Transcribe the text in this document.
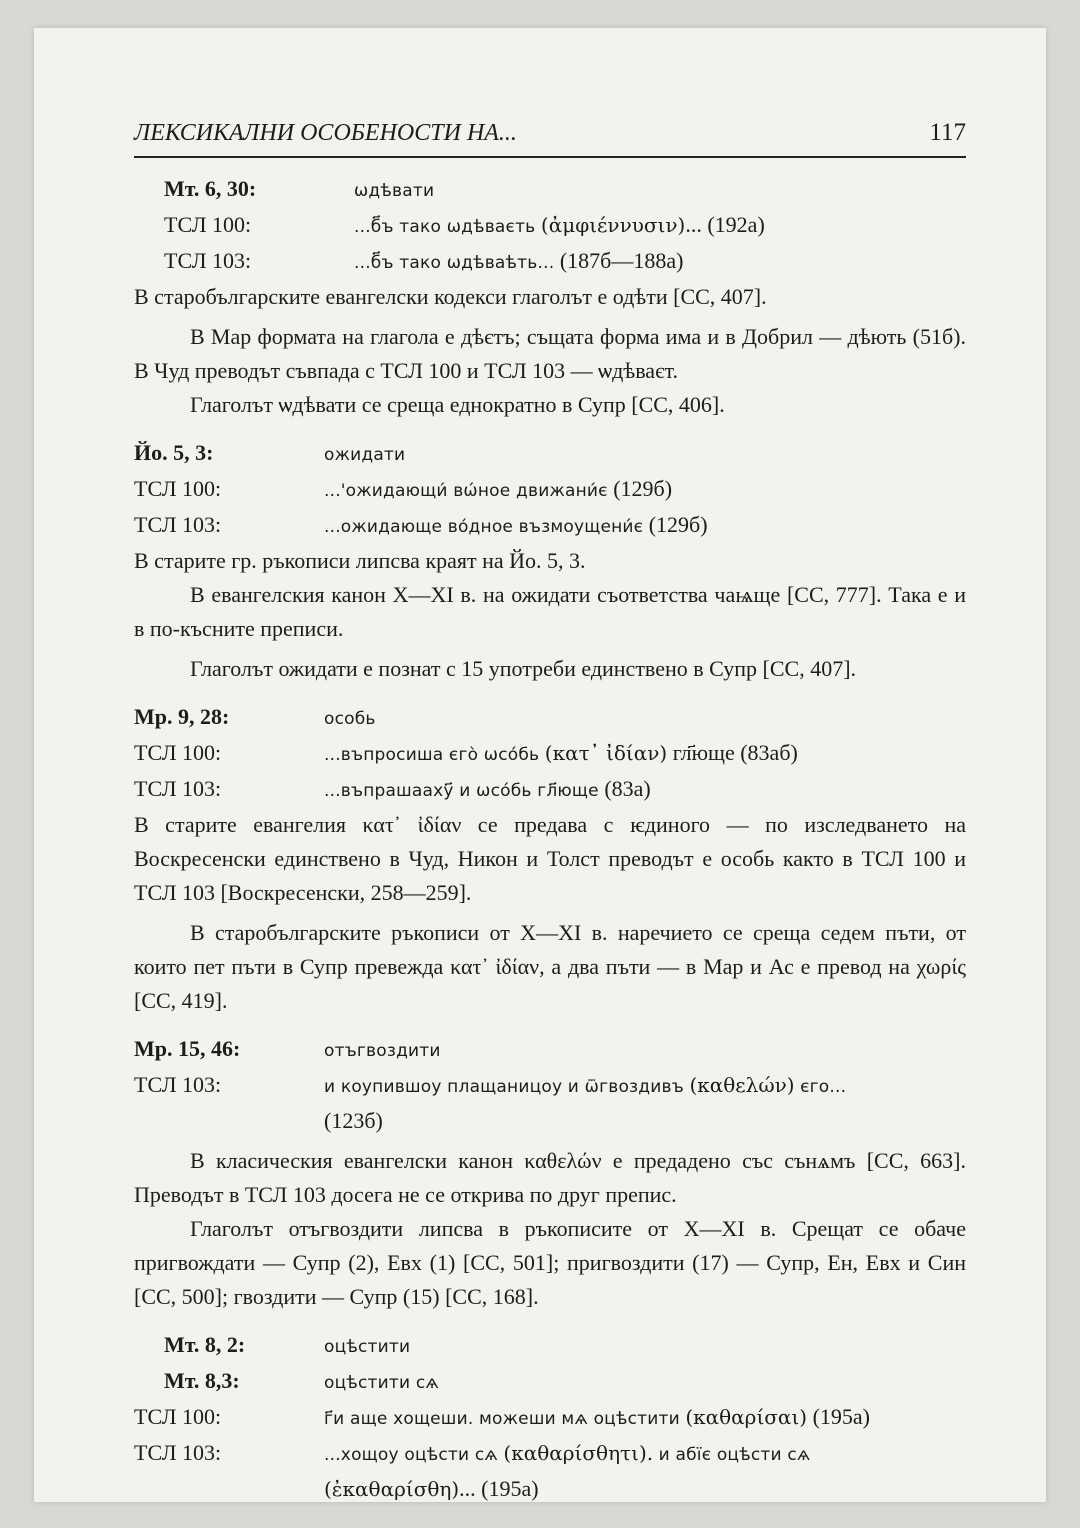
ЛЕКСИКАЛНИ ОСОБЕНОСТИ НА...	117
Мт. 6, 30:	ѡдѣвати
ТСЛ 100:	...б҃ъ тако ѡдѣваєть (ἀμφιέννυσιν)... (192а)
ТСЛ 103:	...б҃ъ тако ѡдѣваѣть... (187б—188а)

В старобългарските евангелски кодекси глаголът е одѣти [СС, 407].

В Мар формата на глагола е дѣєтъ; същата форма има и в Добрил — дѣють (51б). В Чуд преводът съвпада с ТСЛ 100 и ТСЛ 103 — ѡдѣваєт.

Глаголът ѡдѣвати се среща еднократно в Супр [СС, 406].

Йо. 5, 3:	ожидати
ТСЛ 100:	...'ожидающи́ вѡ́ное движани́є (129б)
ТСЛ 103:	...ожидающе во́дное възмоущени́є (129б)

В старите гр. ръкописи липсва краят на Йо. 5, 3.

В евангелския канон X—XI в. на ожидати съответства чаѩще [СС, 777]. Така е и в по-късните преписи.

Глаголът ожидати е познат с 15 употреби единствено в Супр [СС, 407].

Мр. 9, 28:	особь
ТСЛ 100:	...въпросиша єго̀ ѡсо́бь (κατ᾽ ἰδίαν) гл҃юще (83аб)
ТСЛ 103:	...въпрашааху҃ и ѡсо́бь гл҃юще (83а)

В старите евангелия κατ᾽ ἰδίαν се предава с ѥдиного — по изследването на Воскресенски единствено в Чуд, Никон и Толст преводът е особь както в ТСЛ 100 и ТСЛ 103 [Воскресенски, 258—259].

В старобългарските ръкописи от X—XI в. наречието се среща седем пъти, от които пет пъти в Супр превежда κατ᾽ ἰδίαν, а два пъти — в Мар и Ас е превод на χωρίς [СС, 419].

Мр. 15, 46:	отъгвоздити
ТСЛ 103:	и коупившоу плащаницоу и ѿгвоздивъ (καθελών) єго...
(123б)

В класическия евангелски канон καθελών е предадено със сънѧмъ [СС, 663]. Преводът в ТСЛ 103 досега не се открива по друг препис.

Глаголът отъгвоздити липсва в ръкописите от X—XI в. Срещат се обаче пригвождати — Супр (2), Евх (1) [СС, 501]; пригвоздити (17) — Супр, Ен, Евх и Син [СС, 500]; гвоздити — Супр (15) [СС, 168].

Мт. 8, 2:	оцѣстити
Мт. 8,3:	оцѣстити сѧ
ТСЛ 100:	г҃и аще хощеши. можеши мѧ оцѣстити (καθαρίσαι) (195а)
ТСЛ 103:	...хощоу оцѣсти сѧ (καθαρίσθητι). и абїє оцѣсти сѧ
(ἐκαθαρίσθη)... (195а)
